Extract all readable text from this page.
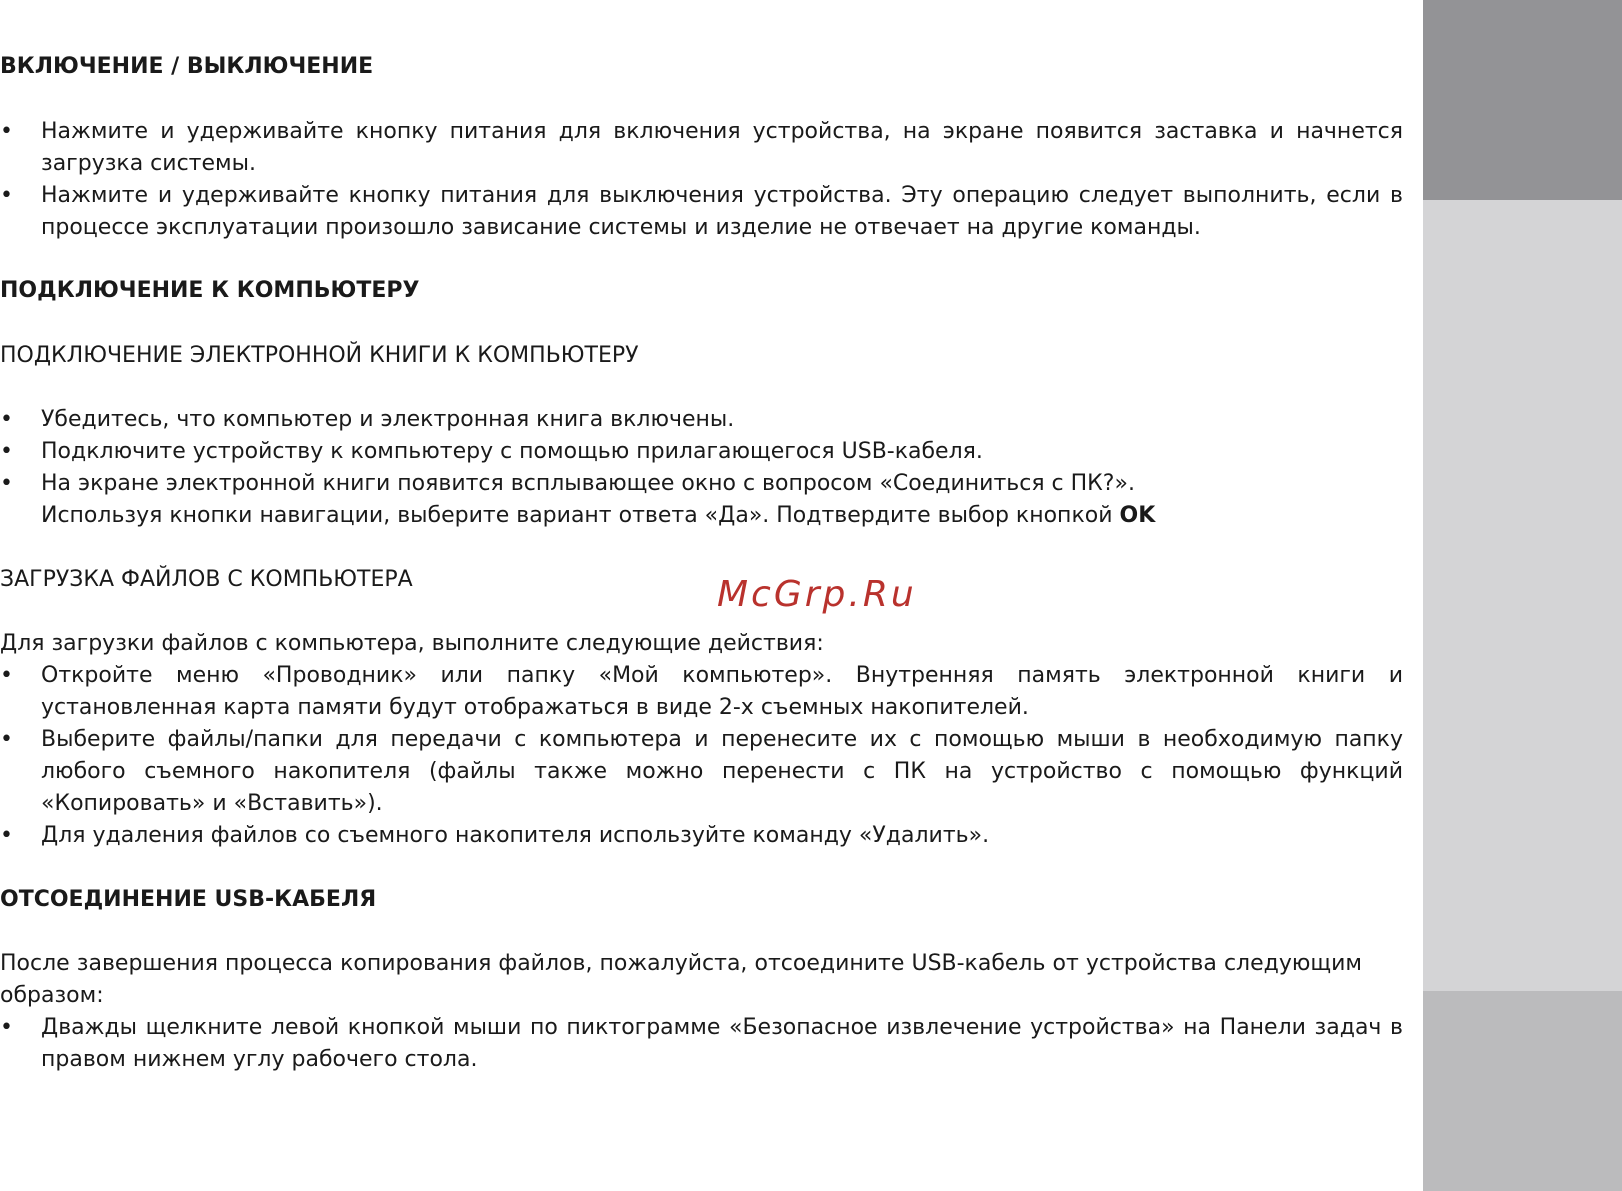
ВКЛЮЧЕНИЕ / ВЫКЛЮЧЕНИЕ

• Нажмите и удерживайте кнопку питания для включения устройства, на экране появится заставка и начнется загрузка системы.

• Нажмите и удерживайте кнопку питания для выключения устройства. Эту операцию следует выполнить, если в процессе эксплуатации произошло зависание системы и изделие не отвечает на другие команды.

ПОДКЛЮЧЕНИЕ К КОМПЬЮТЕРУ

ПОДКЛЮЧЕНИЕ ЭЛЕКТРОННОЙ КНИГИ К КОМПЬЮТЕРУ

• Убедитесь, что компьютер и электронная книга включены.

• Подключите устройству к компьютеру с помощью прилагающегося USB-кабеля.

• На экране электронной книги появится всплывающее окно с вопросом «Соединиться с ПК?».

Используя кнопки навигации, выберите вариант ответа «Да». Подтвердите выбор кнопкой OK

ЗАГРУЗКА ФАЙЛОВ С КОМПЬЮТЕРА

Для загрузки файлов с компьютера, выполните следующие действия:

• Откройте меню «Проводник» или папку «Мой компьютер». Внутренняя память электронной книги и установленная карта памяти будут отображаться в виде 2-х съемных накопителей.

• Выберите файлы/папки для передачи с компьютера и перенесите их с помощью мыши в необходимую папку любого съемного накопителя (файлы также можно перенести с ПК на устройство с помощью функций «Копировать» и «Вставить»).

• Для удаления файлов со съемного накопителя используйте команду «Удалить».

ОТСОЕДИНЕНИЕ USB-КАБЕЛЯ

После завершения процесса копирования файлов, пожалуйста, отсоедините USB-кабель от устройства следующим образом:

• Дважды щелкните левой кнопкой мыши по пиктограмме «Безопасное извлечение устройства» на Панели задач в правом нижнем углу рабочего стола.

McGrp.Ru
